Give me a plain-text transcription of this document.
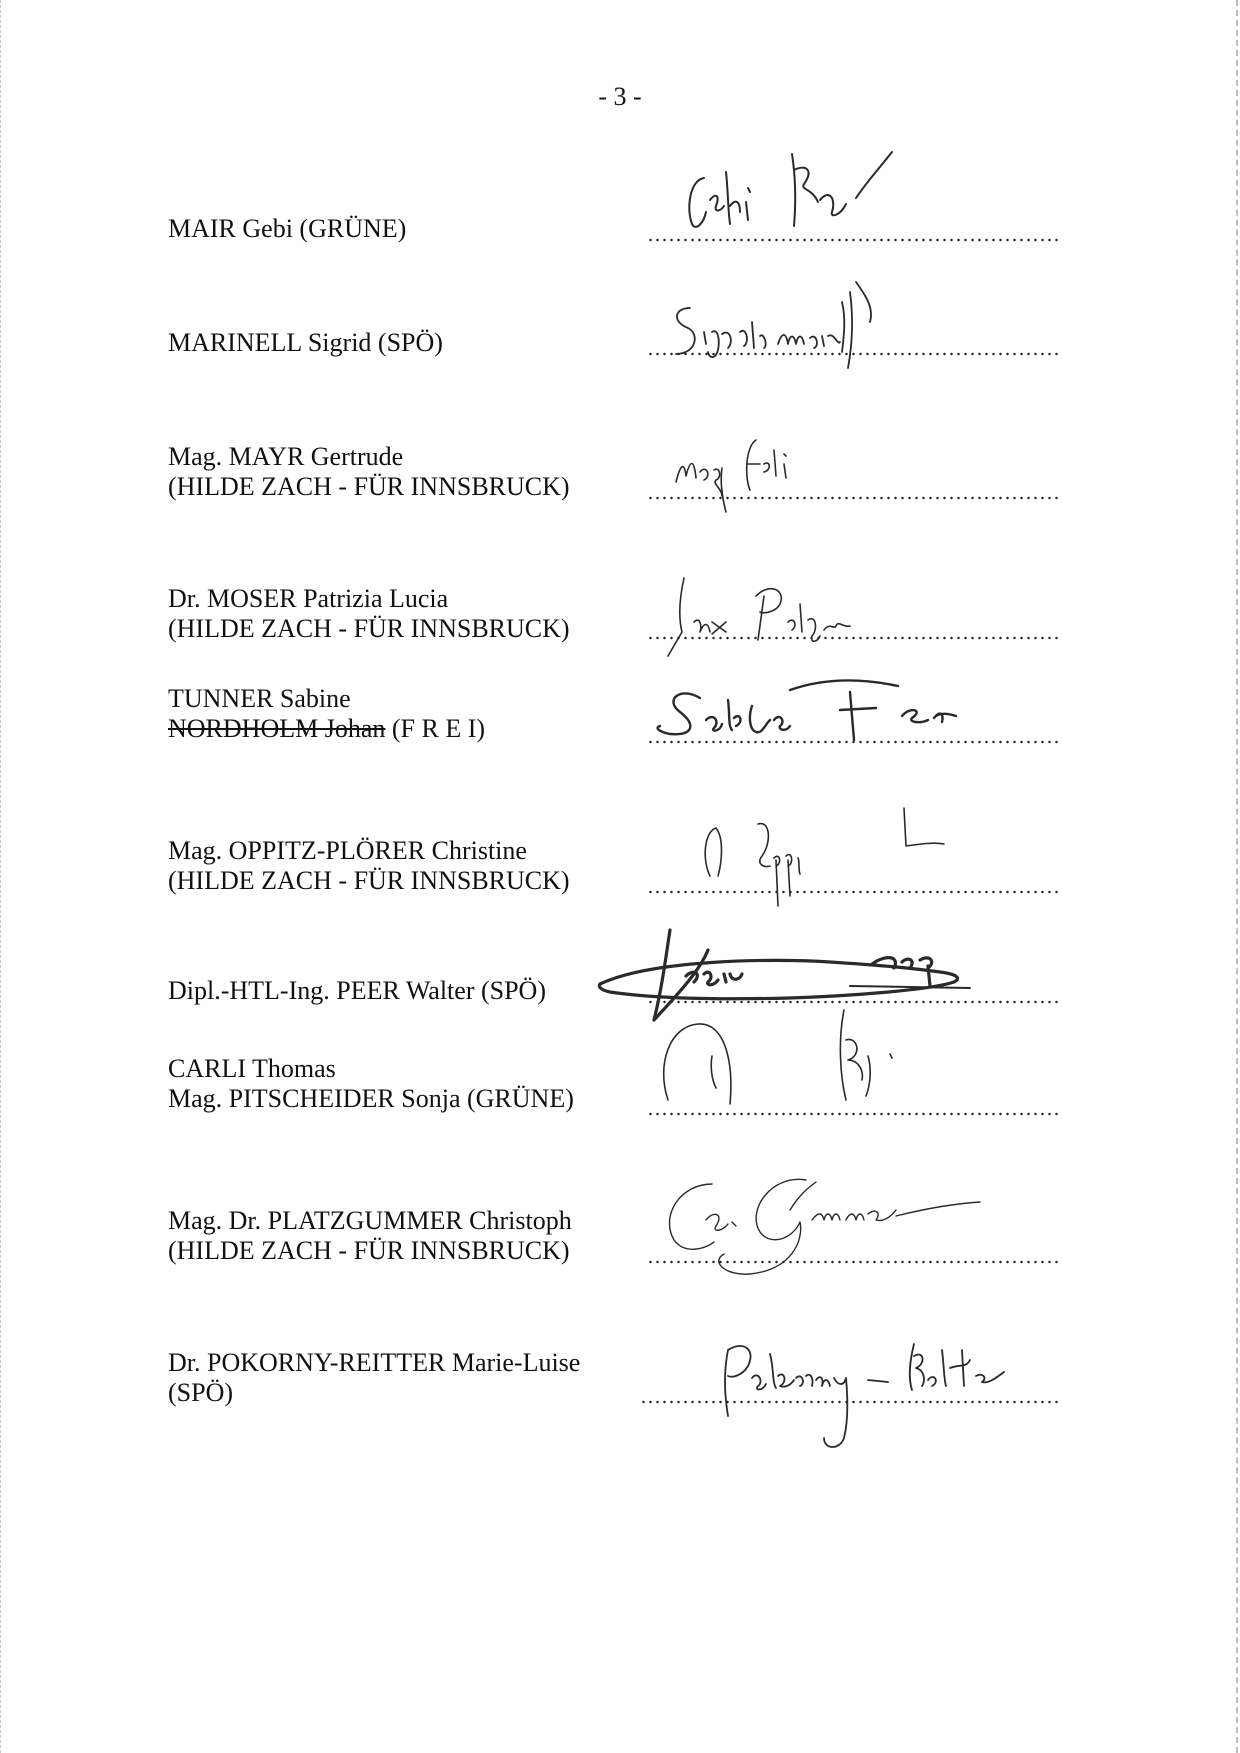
- 3 -
MAIR Gebi (GRÜNE)
MARINELL Sigrid (SPÖ)
Mag. MAYR Gertrude
(HILDE ZACH - FÜR INNSBRUCK)
Dr. MOSER Patrizia Lucia
(HILDE ZACH - FÜR INNSBRUCK)
TUNNER Sabine
NORDHOLM Johan (F R E I)
Mag. OPPITZ-PLÖRER Christine
(HILDE ZACH - FÜR INNSBRUCK)
Dipl.-HTL-Ing. PEER Walter (SPÖ)
CARLI Thomas
Mag. PITSCHEIDER Sonja (GRÜNE)
Mag. Dr. PLATZGUMMER Christoph
(HILDE ZACH - FÜR INNSBRUCK)
Dr. POKORNY-REITTER Marie-Luise
(SPÖ)
